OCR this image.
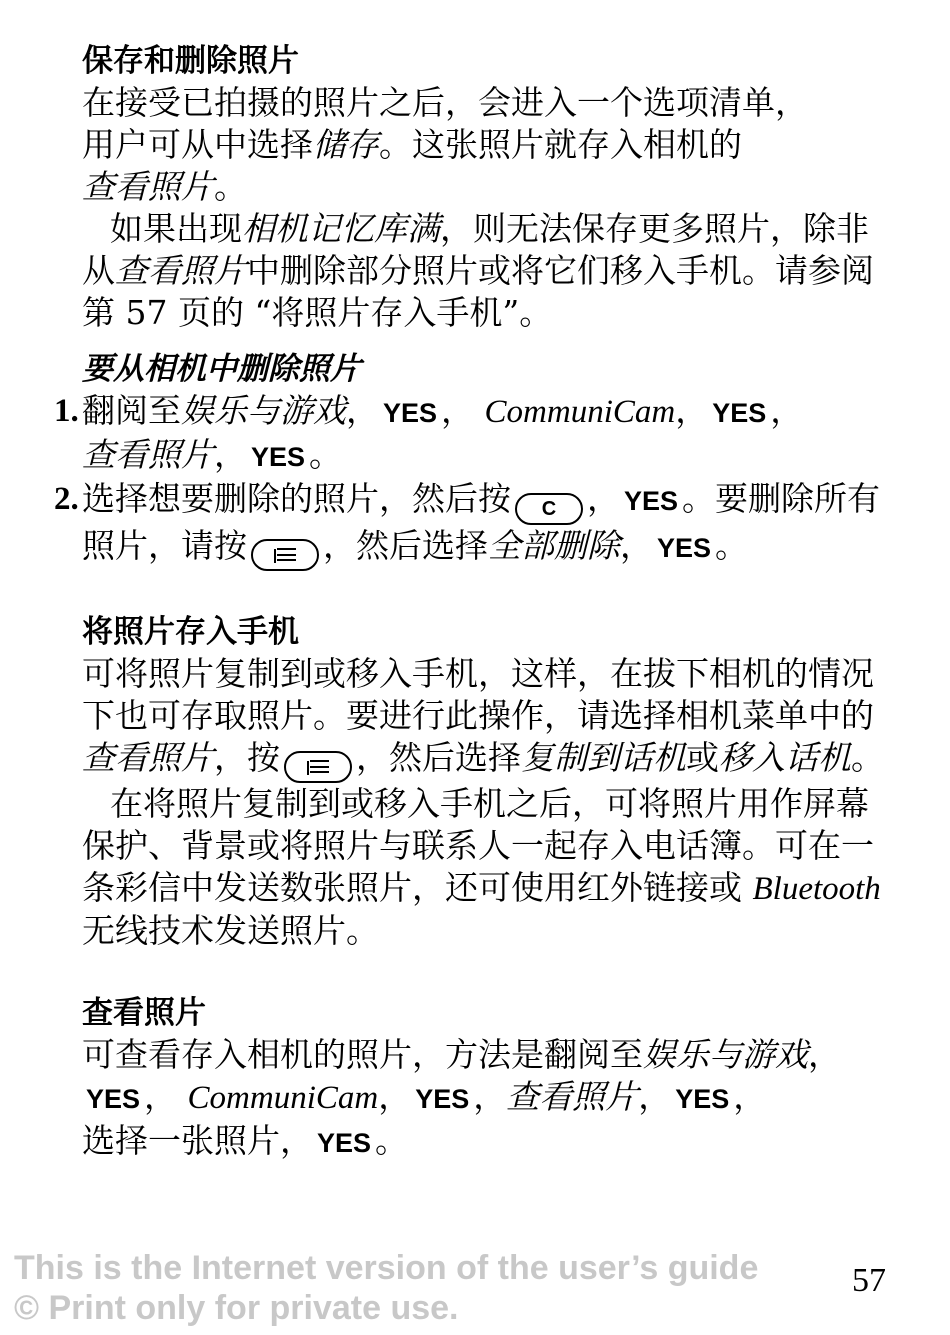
保存和删除照片

在接受已拍摄的照片之后，会进入一个选项清单，
用户可从中选择储存。这张照片就存入相机的
查看照片。

如果出现相机记忆库满，则无法保存更多照片，除非从查看照片中删除部分照片或将它们移入手机。请参阅第 57 页的 “将照片存入手机”。

要从相机中删除照片
1. 翻阅至娱乐与游戏， YES ， CommuniCam， YES ，
查看照片， YES 。
2. 选择想要删除的照片，然后按 C ， YES 。要删除所有照片，请按 ，然后选择全部删除， YES 。
将照片存入手机

可将照片复制到或移入手机，这样，在拔下相机的情况下也可存取照片。要进行此操作，请选择相机菜单中的查看照片，按 ，然后选择复制到话机或移入话机。

在将照片复制到或移入手机之后，可将照片用作屏幕保护、背景或将照片与联系人一起存入电话簿。可在一条彩信中发送数张照片，还可使用红外链接或 Bluetooth 无线技术发送照片。

查看照片

可查看存入相机的照片，方法是翻阅至娱乐与游戏，YES ， CommuniCam， YES ，查看照片， YES ，
选择一张照片， YES 。

This is the Internet version of the user’s guide
© Print only for private use.
57
